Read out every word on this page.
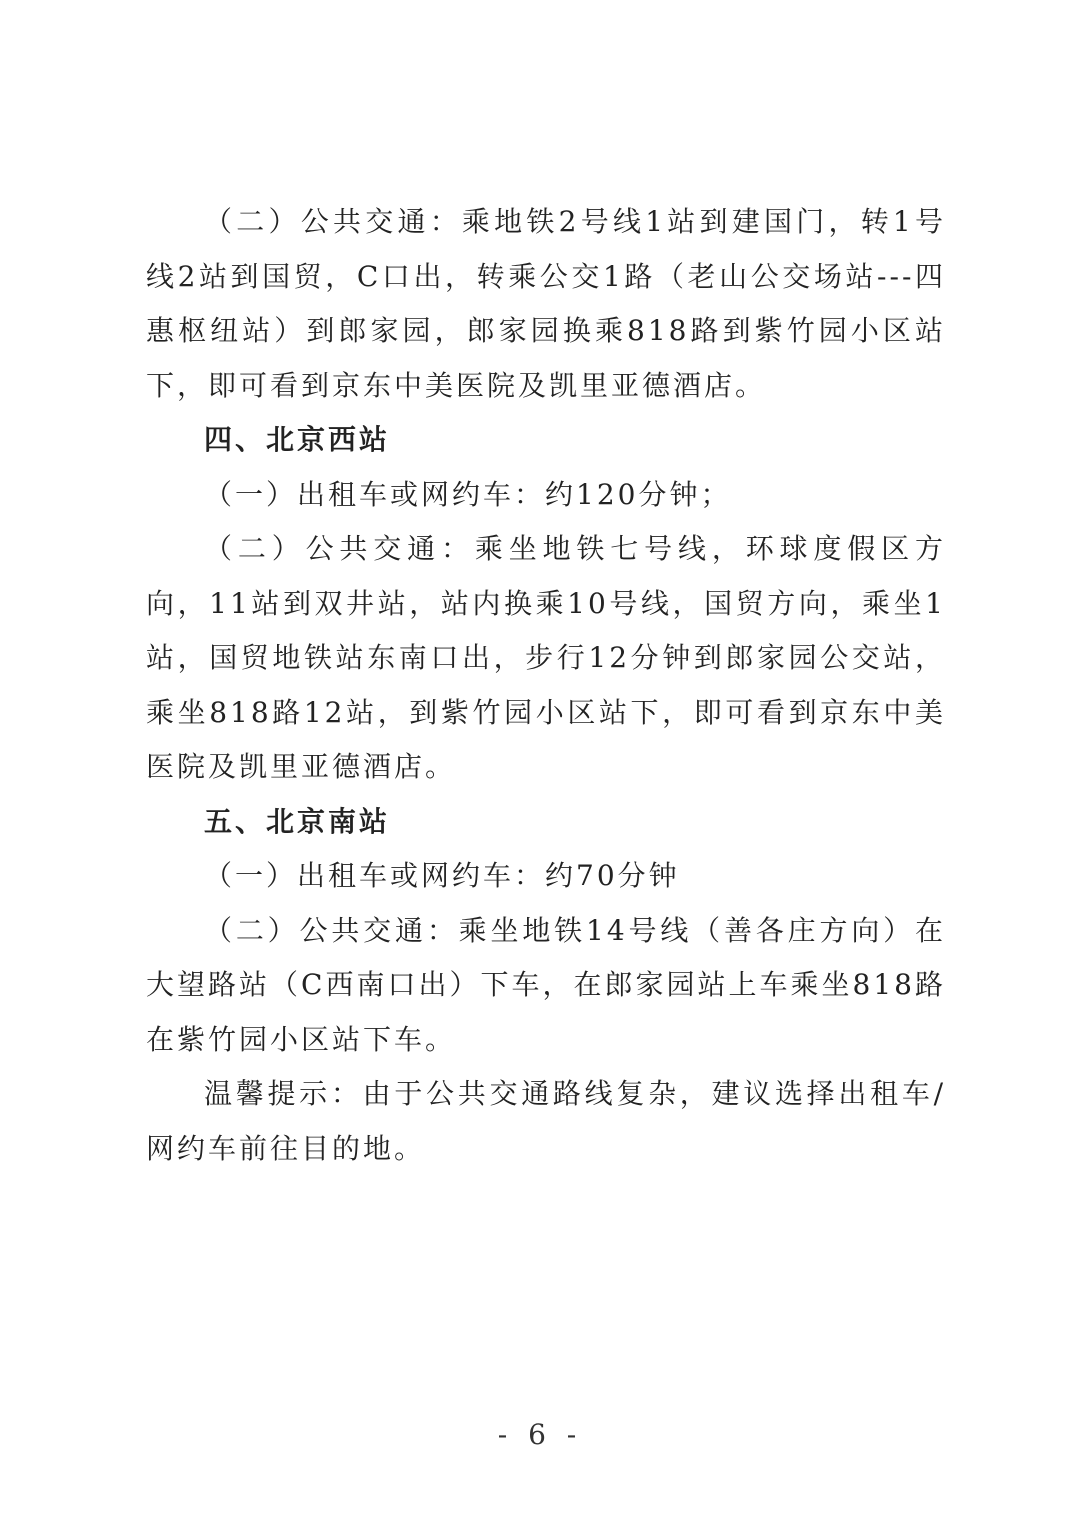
（二）公共交通：乘地铁2号线1站到建国门，转1号线2站到国贸，C口出，转乘公交1路（老山公交场站---四惠枢纽站）到郎家园，郎家园换乘818路到紫竹园小区站下，即可看到京东中美医院及凯里亚德酒店。

四、北京西站

（一）出租车或网约车：约120分钟；

（二）公共交通：乘坐地铁七号线，环球度假区方向，11站到双井站，站内换乘10号线，国贸方向，乘坐1站，国贸地铁站东南口出，步行12分钟到郎家园公交站，乘坐818路12站，到紫竹园小区站下，即可看到京东中美医院及凯里亚德酒店。

五、北京南站

（一）出租车或网约车：约70分钟

（二）公共交通：乘坐地铁14号线（善各庄方向）在大望路站（C西南口出）下车，在郎家园站上车乘坐818路在紫竹园小区站下车。

温馨提示：由于公共交通路线复杂，建议选择出租车/网约车前往目的地。

- 6 -
